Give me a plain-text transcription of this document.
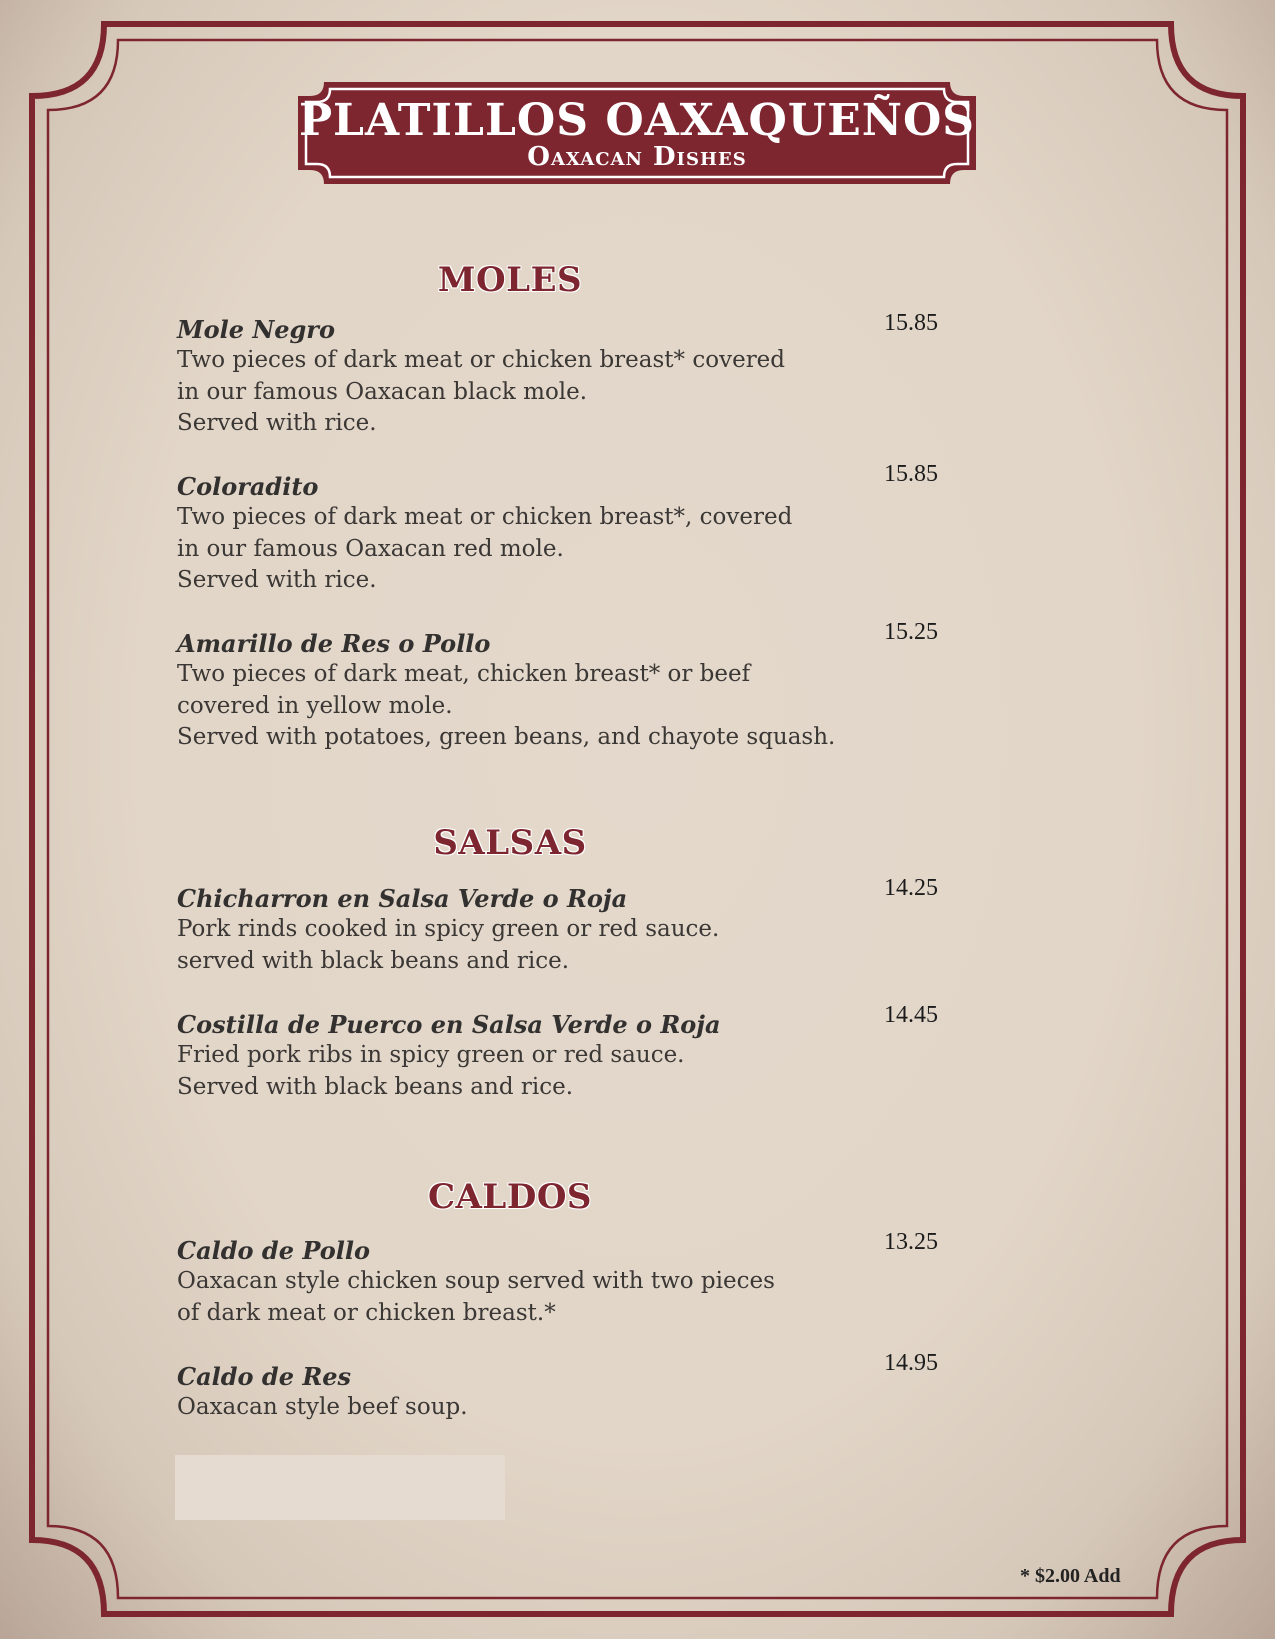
PLATILLOS OAXAQUEÑOS
Oaxacan Dishes
MOLES
Mole Negro
Two pieces of dark meat or chicken breast* covered
in our famous Oaxacan black mole.
Served with rice.
15.85
Coloradito
Two pieces of dark meat or chicken breast*, covered
in our famous Oaxacan red mole.
Served with rice.
15.85
Amarillo de Res o Pollo
Two pieces of dark meat, chicken breast* or beef
covered in yellow mole.
Served with potatoes, green beans, and chayote squash.
15.25
SALSAS
Chicharron en Salsa Verde o Roja
Pork rinds cooked in spicy green or red sauce.
served with black beans and rice.
14.25
Costilla de Puerco en Salsa Verde o Roja
Fried pork ribs in spicy green or red sauce.
Served with black beans and rice.
14.45
CALDOS
Caldo de Pollo
Oaxacan style chicken soup served with two pieces
of dark meat or chicken breast.*
13.25
Caldo de Res
Oaxacan style beef soup.
14.95
* $2.00 Add
